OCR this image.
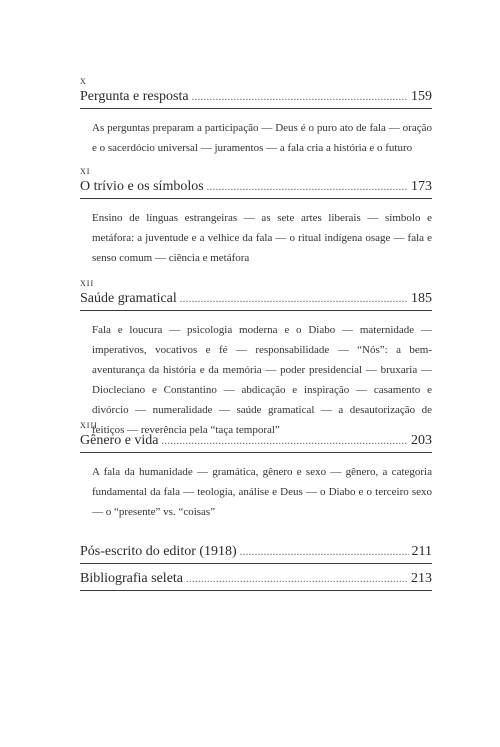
x
Pergunta e resposta .....	159
As perguntas preparam a participação — Deus é o puro ato de fala — oração e o sacerdócio universal — juramentos — a fala cria a história e o futuro
xi
O trívio e os símbolos .....	173
Ensino de línguas estrangeiras — as sete artes liberais — símbolo e metáfora: a juventude e a velhice da fala — o ritual indígena osage — fala e senso comum — ciência e metáfora
xii
Saúde gramatical .....	185
Fala e loucura — psicologia moderna e o Diabo — maternidade — imperativos, vocativos e fé — responsabilidade — “Nós”: a bem-aventurança da história e da memória — poder presidencial — bruxaria — Diocleciano e Constantino — abdicação e inspiração — casamento e divórcio — numeralidade — saúde gramatical — a desautorização de feitiços — reverência pela “taça temporal”
xiii
Gênero e vida .....	203
A fala da humanidade — gramática, gênero e sexo — gênero, a categoria fundamental da fala — teologia, análise e Deus — o Diabo e o terceiro sexo — o “presente” vs. “coisas”
Pós-escrito do editor (1918) .....	211
Bibliografia seleta .....	213
